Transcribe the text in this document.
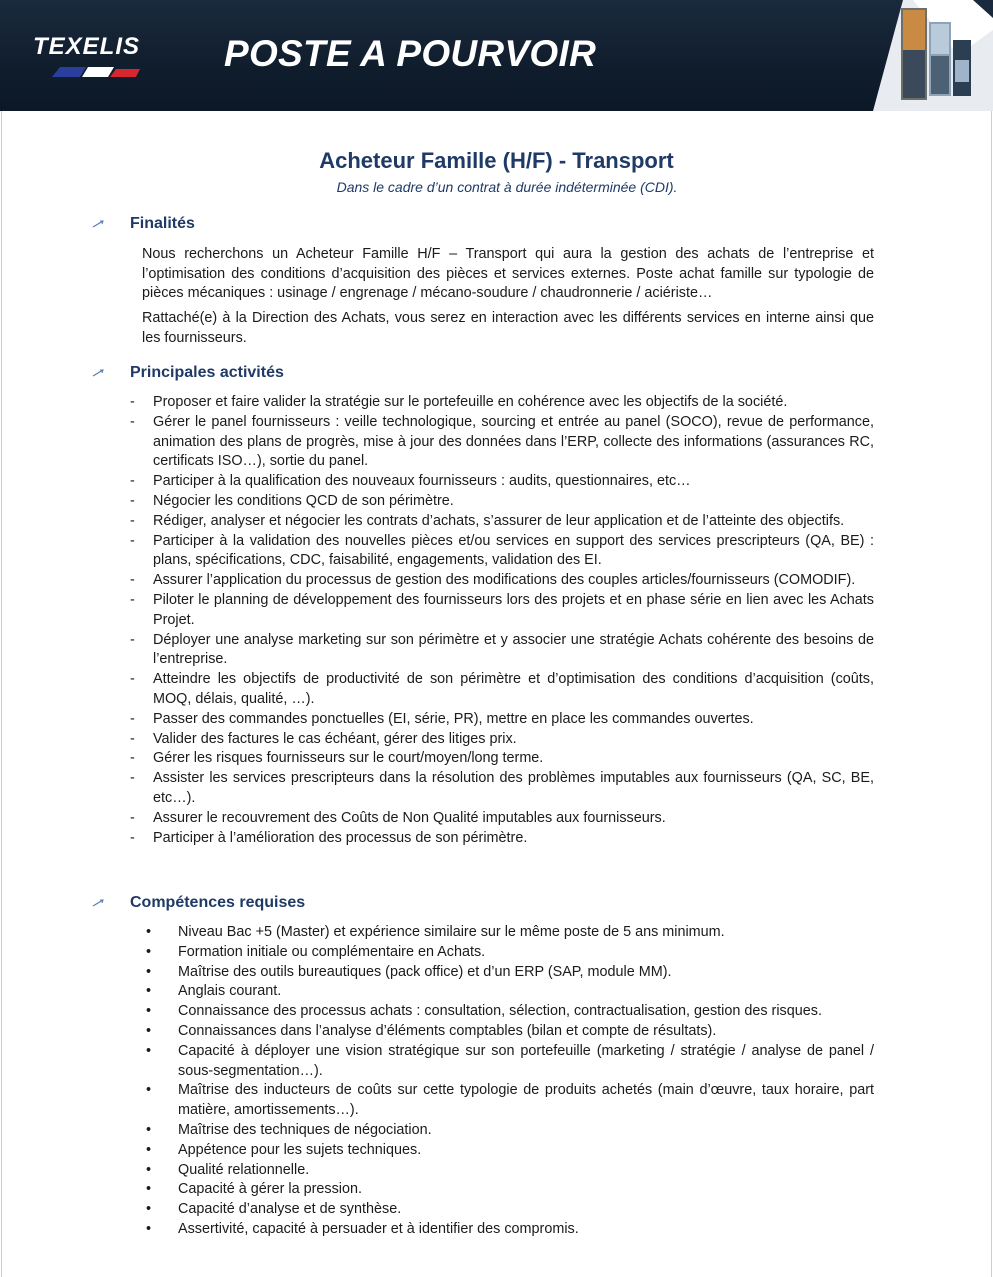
TEXELIS POSTE A POURVOIR
Acheteur Famille (H/F) - Transport
Dans le cadre d’un contrat à durée indéterminée (CDI).
Finalités

Nous recherchons un Acheteur Famille H/F – Transport qui aura la gestion des achats de l’entreprise et l’optimisation des conditions d’acquisition des pièces et services externes. Poste achat famille sur typologie de pièces mécaniques : usinage / engrenage / mécano-soudure / chaudronnerie / aciériste…

Rattaché(e) à la Direction des Achats, vous serez en interaction avec les différents services en interne ainsi que les fournisseurs.

Principales activités
- Proposer et faire valider la stratégie sur le portefeuille en cohérence avec les objectifs de la société.
- Gérer le panel fournisseurs : veille technologique, sourcing et entrée au panel (SOCO), revue de performance, animation des plans de progrès, mise à jour des données dans l’ERP, collecte des informations (assurances RC, certificats ISO…), sortie du panel.
- Participer à la qualification des nouveaux fournisseurs : audits, questionnaires, etc…
- Négocier les conditions QCD de son périmètre.
- Rédiger, analyser et négocier les contrats d’achats, s’assurer de leur application et de l’atteinte des objectifs.
- Participer à la validation des nouvelles pièces et/ou services en support des services prescripteurs (QA, BE) : plans, spécifications, CDC, faisabilité, engagements, validation des EI.
- Assurer l’application du processus de gestion des modifications des couples articles/fournisseurs (COMODIF).
- Piloter le planning de développement des fournisseurs lors des projets et en phase série en lien avec les Achats Projet.
- Déployer une analyse marketing sur son périmètre et y associer une stratégie Achats cohérente des besoins de l’entreprise.
- Atteindre les objectifs de productivité de son périmètre et d’optimisation des conditions d’acquisition (coûts, MOQ, délais, qualité, …).
- Passer des commandes ponctuelles (EI, série, PR), mettre en place les commandes ouvertes.
- Valider des factures le cas échéant, gérer des litiges prix.
- Gérer les risques fournisseurs sur le court/moyen/long terme.
- Assister les services prescripteurs dans la résolution des problèmes imputables aux fournisseurs (QA, SC, BE, etc…).
- Assurer le recouvrement des Coûts de Non Qualité imputables aux fournisseurs.
- Participer à l’amélioration des processus de son périmètre.
Compétences requises
• Niveau Bac +5 (Master) et expérience similaire sur le même poste de 5 ans minimum.
• Formation initiale ou complémentaire en Achats.
• Maîtrise des outils bureautiques (pack office) et d’un ERP (SAP, module MM).
• Anglais courant.
• Connaissance des processus achats : consultation, sélection, contractualisation, gestion des risques.
• Connaissances dans l’analyse d’éléments comptables (bilan et compte de résultats).
• Capacité à déployer une vision stratégique sur son portefeuille (marketing / stratégie / analyse de panel / sous-segmentation…).
• Maîtrise des inducteurs de coûts sur cette typologie de produits achetés (main d’œuvre, taux horaire, part matière, amortissements…).
• Maîtrise des techniques de négociation.
• Appétence pour les sujets techniques.
• Qualité relationnelle.
• Capacité à gérer la pression.
• Capacité d’analyse et de synthèse.
• Assertivité, capacité à persuader et à identifier des compromis.
